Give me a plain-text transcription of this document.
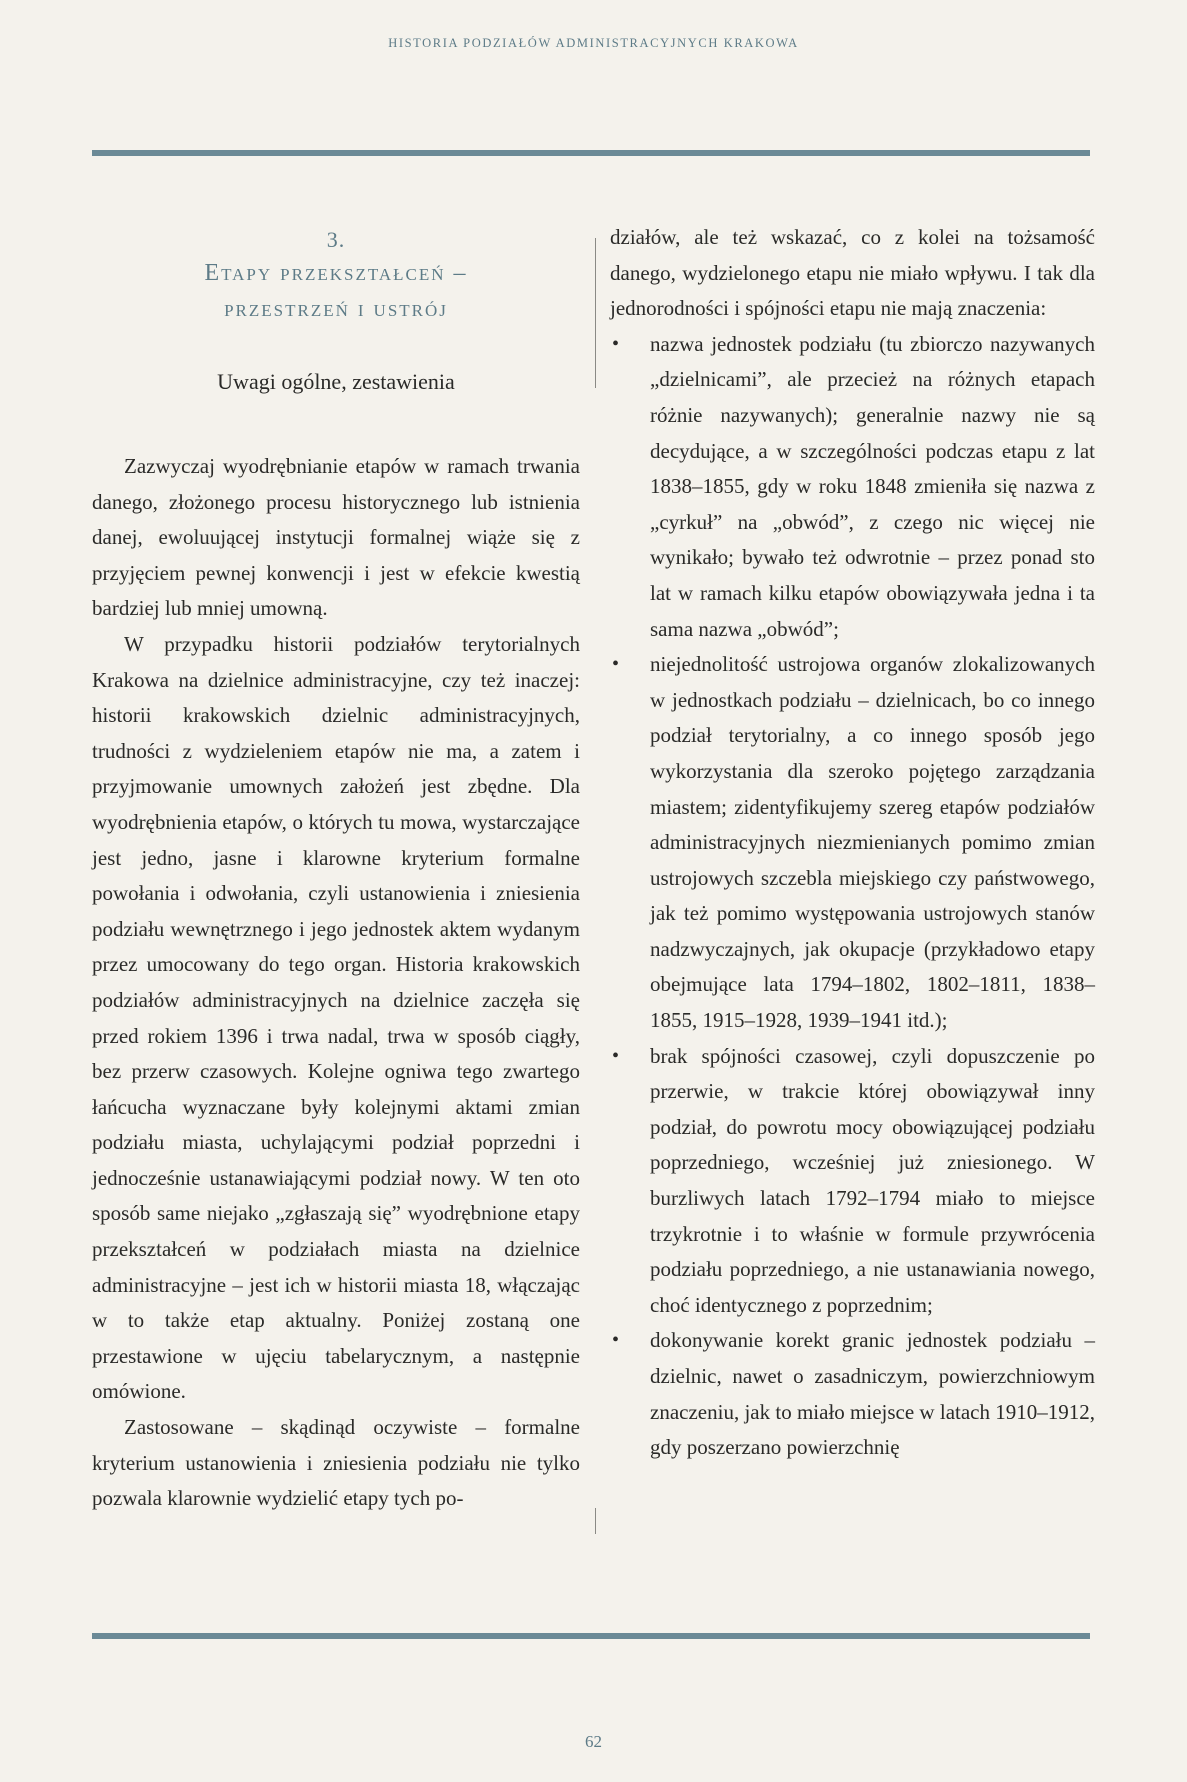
HISTORIA PODZIAŁÓW ADMINISTRACYJNYCH KRAKOWA

3.

Etapy przekształceń –

przestrzeń i ustrój

Uwagi ogólne, zestawienia

Zazwyczaj wyodrębnianie etapów w ramach trwania danego, złożonego procesu historycznego lub istnienia danej, ewoluującej instytucji formalnej wiąże się z przyjęciem pewnej konwencji i jest w efekcie kwestią bardziej lub mniej umowną.

W przypadku historii podziałów terytorialnych Krakowa na dzielnice administracyjne, czy też inaczej: historii krakowskich dzielnic administracyjnych, trudności z wydzieleniem etapów nie ma, a zatem i przyjmowanie umownych założeń jest zbędne. Dla wyodrębnienia etapów, o których tu mowa, wystarczające jest jedno, jasne i klarowne kryterium formalne powołania i odwołania, czyli ustanowienia i zniesienia podziału wewnętrznego i jego jednostek aktem wydanym przez umocowany do tego organ. Historia krakowskich podziałów administracyjnych na dzielnice zaczęła się przed rokiem 1396 i trwa nadal, trwa w sposób ciągły, bez przerw czasowych. Kolejne ogniwa tego zwartego łańcucha wyznaczane były kolejnymi aktami zmian podziału miasta, uchylającymi podział poprzedni i jednocześnie ustanawiającymi podział nowy. W ten oto sposób same niejako „zgłaszają się” wyodrębnione etapy przekształceń w podziałach miasta na dzielnice administracyjne – jest ich w historii miasta 18, włączając w to także etap aktualny. Poniżej zostaną one przestawione w ujęciu tabelarycznym, a następnie omówione.

Zastosowane – skądinąd oczywiste – formalne kryterium ustanowienia i zniesienia podziału nie tylko pozwala klarownie wydzielić etapy tych po-

działów, ale też wskazać, co z kolei na tożsamość danego, wydzielonego etapu nie miało wpływu. I tak dla jednorodności i spójności etapu nie mają znaczenia:

• nazwa jednostek podziału (tu zbiorczo nazywanych „dzielnicami”, ale przecież na różnych etapach różnie nazywanych); generalnie nazwy nie są decydujące, a w szczególności podczas etapu z lat 1838–1855, gdy w roku 1848 zmieniła się nazwa z „cyrkuł” na „obwód”, z czego nic więcej nie wynikało; bywało też odwrotnie – przez ponad sto lat w ramach kilku etapów obowiązywała jedna i ta sama nazwa „obwód”;
• niejednolitość ustrojowa organów zlokalizowanych w jednostkach podziału – dzielnicach, bo co innego podział terytorialny, a co innego sposób jego wykorzystania dla szeroko pojętego zarządzania miastem; zidentyfikujemy szereg etapów podziałów administracyjnych niezmienianych pomimo zmian ustrojowych szczebla miejskiego czy państwowego, jak też pomimo występowania ustrojowych stanów nadzwyczajnych, jak okupacje (przykładowo etapy obejmujące lata 1794–1802, 1802–1811, 1838–1855, 1915–1928, 1939–1941 itd.);
• brak spójności czasowej, czyli dopuszczenie po przerwie, w trakcie której obowiązywał inny podział, do powrotu mocy obowiązującej podziału poprzedniego, wcześniej już zniesionego. W burzliwych latach 1792–1794 miało to miejsce trzykrotnie i to właśnie w formule przywrócenia podziału poprzedniego, a nie ustanawiania nowego, choć identycznego z poprzednim;
• dokonywanie korekt granic jednostek podziału – dzielnic, nawet o zasadniczym, powierzchniowym znaczeniu, jak to miało miejsce w latach 1910–1912, gdy poszerzano powierzchnię
62
